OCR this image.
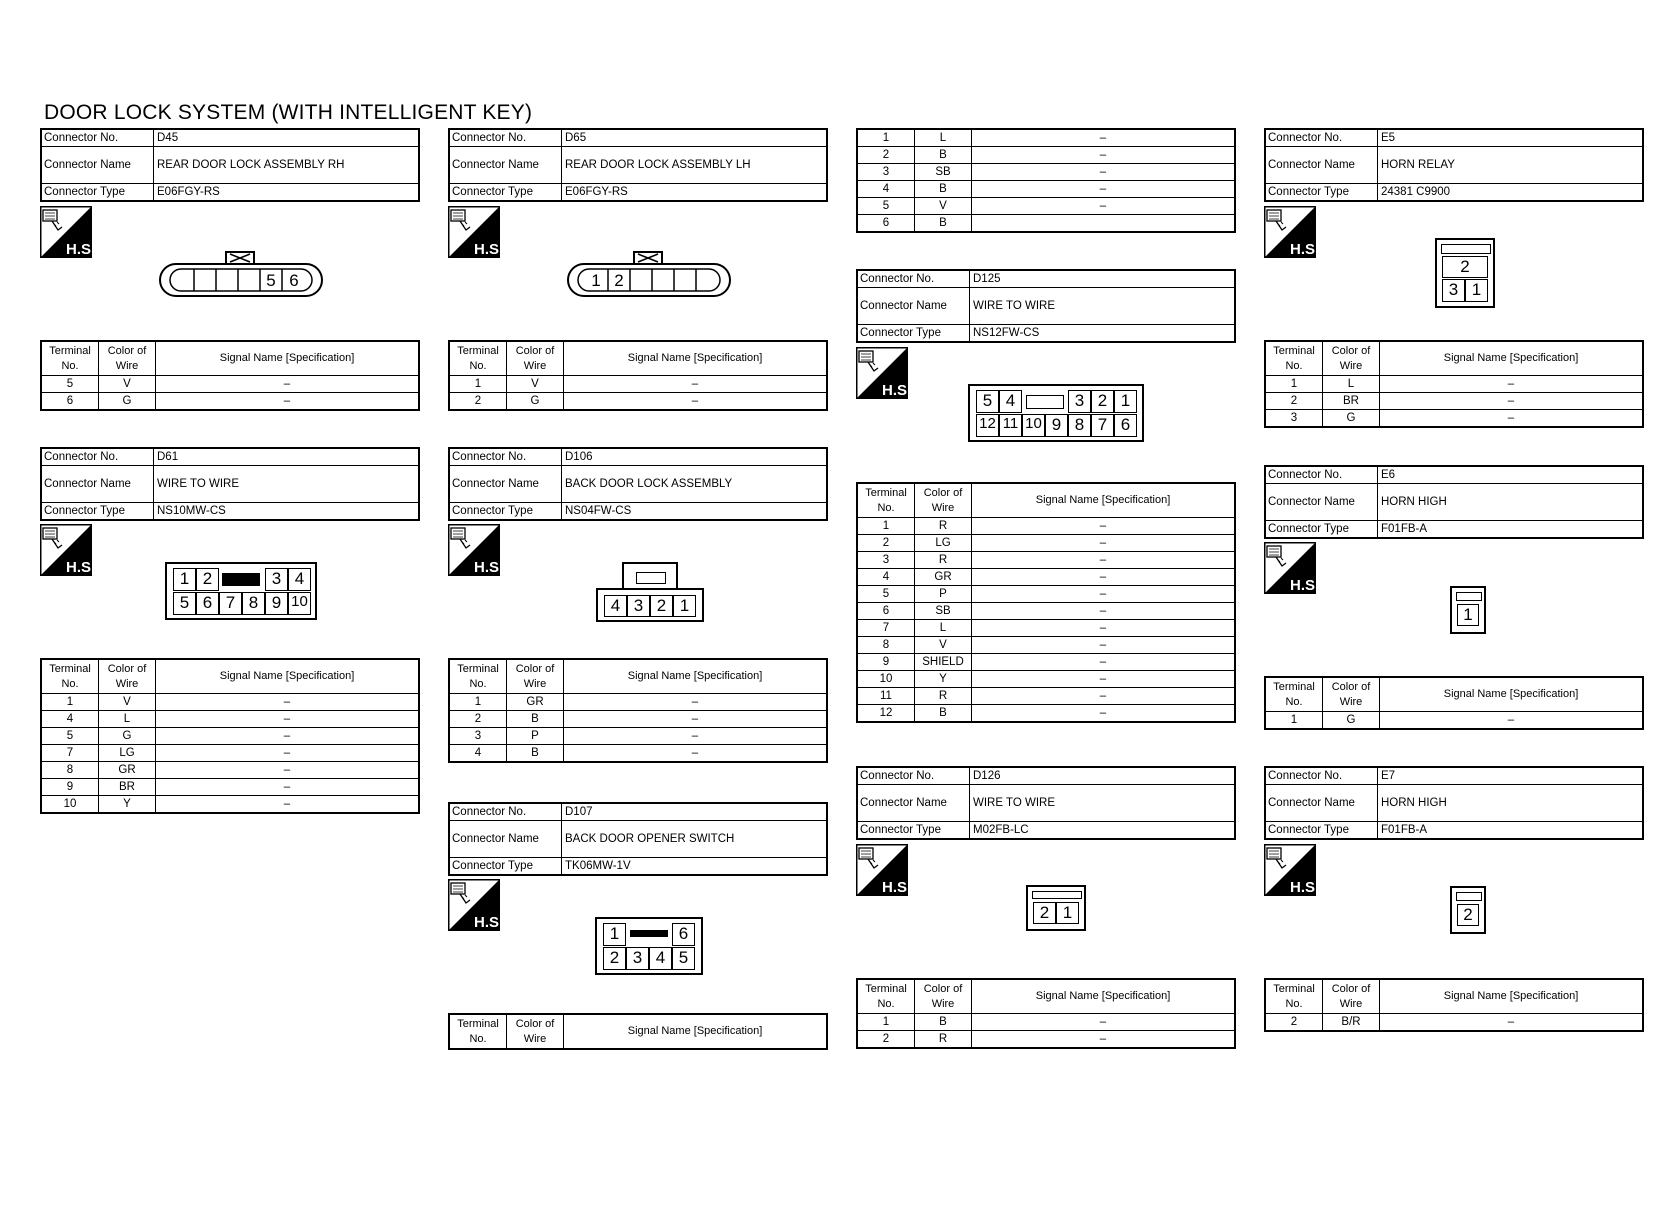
DOOR LOCK SYSTEM (WITH INTELLIGENT KEY)
Connector No.	D45
Connector Name	REAR DOOR LOCK ASSEMBLY RH
Connector Type	E06FGY-RS
H.S.
5 6
Terminal No.	Color of Wire	Signal Name [Specification]
5	V	–
6	G	–
Connector No.	D61
Connector Name	WIRE TO WIRE
Connector Type	NS10MW-CS
H.S.
1 2	3 4
5 6 7 8 9 10
Terminal No.	Color of Wire	Signal Name [Specification]
1	V	–
4	L	–
5	G	–
7	LG	–
8	GR	–
9	BR	–
10	Y	–
Connector No.	D65
Connector Name	REAR DOOR LOCK ASSEMBLY LH
Connector Type	E06FGY-RS
H.S.
1 2
Terminal No.	Color of Wire	Signal Name [Specification]
1	V	–
2	G	–
Connector No.	D106
Connector Name	BACK DOOR LOCK ASSEMBLY
Connector Type	NS04FW-CS
H.S.
4 3 2 1
Terminal No.	Color of Wire	Signal Name [Specification]
1	GR	–
2	B	–
3	P	–
4	B	–
Connector No.	D107
Connector Name	BACK DOOR OPENER SWITCH
Connector Type	TK06MW-1V
H.S.
1	6
2 3 4 5
Terminal No.	Color of Wire	Signal Name [Specification]
1	L	–
2	B	–
3	SB	–
4	B	–
5	V	–
6	B	
Connector No.	D125
Connector Name	WIRE TO WIRE
Connector Type	NS12FW-CS
H.S.
5 4	3 2 1
12 11 10 9 8 7 6
Terminal No.	Color of Wire	Signal Name [Specification]
1	R	–
2	LG	–
3	R	–
4	GR	–
5	P	–
6	SB	–
7	L	–
8	V	–
9	SHIELD	–
10	Y	–
11	R	–
12	B	–
Connector No.	D126
Connector Name	WIRE TO WIRE
Connector Type	M02FB-LC
H.S.
2 1
Terminal No.	Color of Wire	Signal Name [Specification]
1	B	–
2	R	–
Connector No.	E5
Connector Name	HORN RELAY
Connector Type	24381 C9900
H.S.
2
3 1
Terminal No.	Color of Wire	Signal Name [Specification]
1	L	–
2	BR	–
3	G	–
Connector No.	E6
Connector Name	HORN HIGH
Connector Type	F01FB-A
H.S.
1
Terminal No.	Color of Wire	Signal Name [Specification]
1	G	–
Connector No.	E7
Connector Name	HORN HIGH
Connector Type	F01FB-A
H.S.
2
Terminal No.	Color of Wire	Signal Name [Specification]
2	B/R	–
